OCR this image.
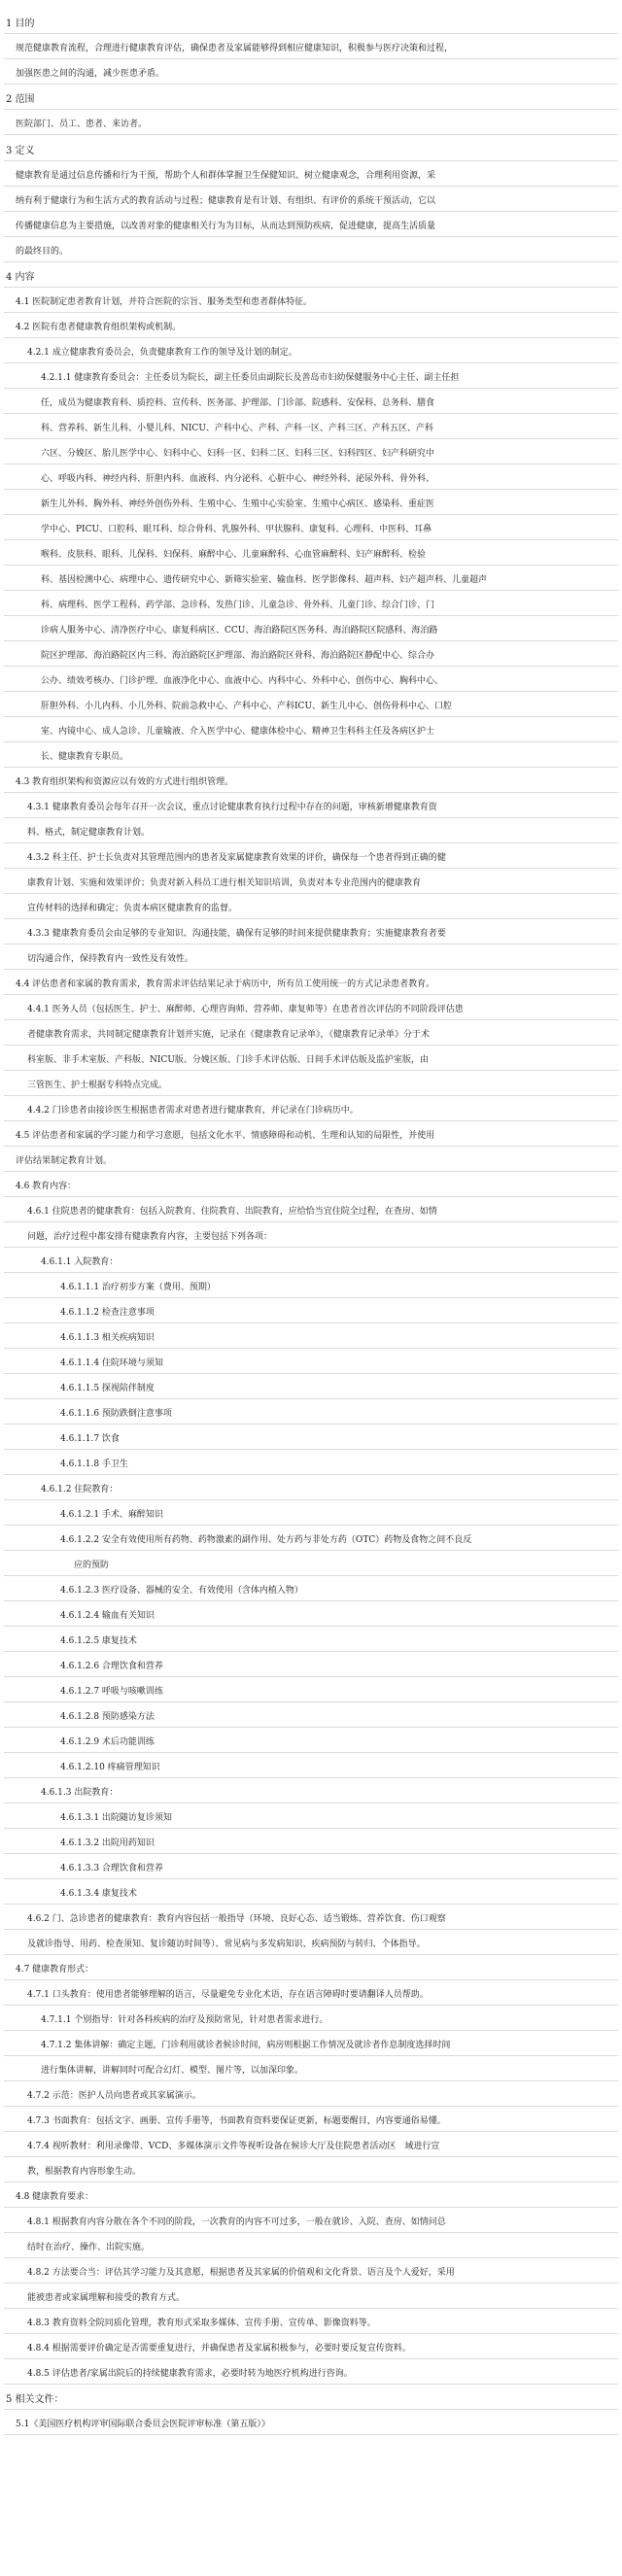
1 目的
规范健康教育流程，合理进行健康教育评估，确保患者及家属能够得到相应健康知识，积极参与医疗决策和过程，
加强医患之间的沟通，减少医患矛盾。
2 范围
医院部门、员工、患者、来访者。
3 定义
健康教育是通过信息传播和行为干预，帮助个人和群体掌握卫生保健知识、树立健康观念，合理利用资源，采
纳有利于健康行为和生活方式的教育活动与过程；健康教育是有计划、有组织、有评价的系统干预活动，它以
传播健康信息为主要措施，以改善对象的健康相关行为为目标，从而达到预防疾病，促进健康，提高生活质量
的最终目的。
4 内容
4.1 医院制定患者教育计划，并符合医院的宗旨、服务类型和患者群体特征。
4.2 医院有患者健康教育组织架构或机制。
4.2.1 成立健康教育委员会，负责健康教育工作的领导及计划的制定。
4.2.1.1 健康教育委员会：主任委员为院长，副主任委员由副院长及善岛市妇幼保健服务中心主任、副主任担
任，成员为健康教育科、质控科、宣传科、医务部、护理部、门诊部、院感科、安保科、总务科、膳食
科、营养科、新生儿科、小婴儿科、NICU、产科中心、产科、产科一区、产科三区、产科五区、产科
六区、分娩区、胎儿医学中心、妇科中心、妇科一区、妇科二区、妇科三区、妇科四区、妇产科研究中
心、呼吸内科、神经内科、肝胆内科、血液科、内分泌科、心脏中心、神经外科、泌尿外科、骨外科、
新生儿外科、胸外科、神经外创伤外科、生殖中心、生殖中心实验室、生殖中心病区、感染科、重症医
学中心、PICU、口腔科、眼耳科、综合骨科、乳腺外科、甲状腺科、康复科、心理科、中医科、耳鼻
喉科、皮肤科、眼科、儿保科、妇保科、麻醉中心、儿童麻醉科、心血管麻醉科、妇产麻醉科、检验
科、基因检测中心、病理中心、遗传研究中心、新筛实验室、输血科、医学影像科、超声科、妇产超声科、儿童超声
科、病理科、医学工程科、药学部、急诊科、发热门诊、儿童急诊、骨外科、儿童门诊、综合门诊、门
诊病人服务中心、清净医疗中心、康复科病区、CCU、海泊路院区医务科、海泊路院区院感科、海泊路
院区护理部、海泊路院区内三科、海泊路院区护理部、海泊路院区骨科、海泊路院区静配中心、综合办
公办、绩效考核办、门诊护理、血液净化中心、血液中心、内科中心、外科中心、创伤中心、胸科中心、
肝胆外科、小儿内科、小儿外科、院前急救中心、产科中心、产科ICU、新生儿中心、创伤骨科中心、口腔
室、内镜中心、成人急诊、儿童输液、介入医学中心、健康体检中心、精神卫生科科主任及各病区护士
长、健康教育专职员。
4.3 教育组织架构和资源应以有效的方式进行组织管理。
4.3.1 健康教育委员会每年召开一次会议，重点讨论健康教育执行过程中存在的问题，审核新增健康教育资
料、格式，制定健康教育计划。
4.3.2 科主任、护士长负责对其管理范围内的患者及家属健康教育效果的评价，确保每一个患者得到正确的健
康教育计划、实施和效果评价；负责对新入科员工进行相关知识培训，负责对本专业范围内的健康教育
宣传材料的选择和确定；负责本病区健康教育的监督。
4.3.3 健康教育委员会由足够的专业知识、沟通技能，确保有足够的时间来提供健康教育；实施健康教育者要
切沟通合作，保持教育内一致性及有效性。
4.4 评估患者和家属的教育需求，教育需求评估结果记录于病历中，所有员工使用统一的方式记录患者教育。
4.4.1 医务人员（包括医生、护士、麻醉师、心理咨询师、营养师、康复师等）在患者首次评估的不同阶段评估患
者健康教育需求，共同制定健康教育计划并实施，记录在《健康教育记录单》，《健康教育记录单》分于术
科室版、非手术室版、产科版、NICU版、分娩区版、门诊手术评估版、日间手术评估版及监护室版，由
三管医生、护士根据专科特点完成。
4.4.2 门诊患者由接诊医生根据患者需求对患者进行健康教育，并记录在门诊病历中。
4.5 评估患者和家属的学习能力和学习意愿，包括文化水平、情感障碍和动机、生理和认知的局限性，并使用
评估结果制定教育计划。
4.6 教育内容：
4.6.1 住院患者的健康教育：包括入院教育、住院教育、出院教育，应给恰当宜住院全过程，在查房、如情
问题，治疗过程中都安排有健康教育内容，主要包括下列各项：
4.6.1.1 入院教育：
4.6.1.1.1 治疗初步方案（费用、预期）
4.6.1.1.2 检查注意事项
4.6.1.1.3 相关疾病知识
4.6.1.1.4 住院环境与须知
4.6.1.1.5 探视陪伴制度
4.6.1.1.6 预防跌倒注意事项
4.6.1.1.7 饮食
4.6.1.1.8 手卫生
4.6.1.2 住院教育：
4.6.1.2.1 手术、麻醉知识
4.6.1.2.2 安全有效使用所有药物、药物激素的副作用、处方药与非处方药（OTC）药物及食物之间不良反
应的预防
4.6.1.2.3 医疗设备、器械的安全、有效使用（含体内植入物）
4.6.1.2.4 输血有关知识
4.6.1.2.5 康复技术
4.6.1.2.6 合理饮食和营养
4.6.1.2.7 呼吸与咳嗽训练
4.6.1.2.8 预防感染方法
4.6.1.2.9 术后功能训练
4.6.1.2.10 疼痛管理知识
4.6.1.3 出院教育：
4.6.1.3.1 出院随访复诊须知
4.6.1.3.2 出院用药知识
4.6.1.3.3 合理饮食和营养
4.6.1.3.4 康复技术
4.6.2 门、急诊患者的健康教育：教育内容包括一般指导（环境、良好心态、适当锻炼、营养饮食、伤口观察
及就诊指导、用药、检查须知、复诊随访时间等）、常见病与多发病知识、疾病预防与转归、个体指导。
4.7 健康教育形式：
4.7.1 口头教育：使用患者能够理解的语言，尽量避免专业化术语，存在语言障碍时要请翻译人员帮助。
4.7.1.1 个别指导：针对各科疾病的治疗及预防常见，针对患者需求进行。
4.7.1.2 集体讲解：确定主题，门诊利用就诊者候诊时间，病房则根据工作情况及就诊者作息制度选择时间
进行集体讲解，讲解同时可配合幻灯、模型、图片等，以加深印象。
4.7.2 示范：医护人员向患者或其家属演示。
4.7.3 书面教育：包括文字、画册、宣传手册等，书面教育资料要保证更新，标题要醒目，内容要通俗易懂。
4.7.4 视听教材：利用录像带、VCD、多媒体演示文件等视听设备在候诊大厅及住院患者活动区　域进行宣
教，根据教育内容形象生动。
4.8 健康教育要求：
4.8.1 根据教育内容分散在各个不同的阶段，一次教育的内容不可过多，一般在就诊、入院、查房、如情问总
结时在治疗、操作、出院实施。
4.8.2 方法要合当：评估其学习能力及其意愿，根据患者及其家属的价值观和文化背景、语言及个人爱好，采用
能被患者或家属理解和接受的教育方式。
4.8.3 教育资料全院同质化管理，教育形式采取多媒体、宣传手册、宣传单、影像资料等。
4.8.4 根据需要评价确定是否需要重复进行，并确保患者及家属积极参与，必要时要反复宣传资料。
4.8.5 评估患者/家属出院后的持续健康教育需求，必要时转为地医疗机构进行咨询。
5 相关文件：
5.1《美国医疗机构评审国际联合委员会医院评审标准（第五版）》
